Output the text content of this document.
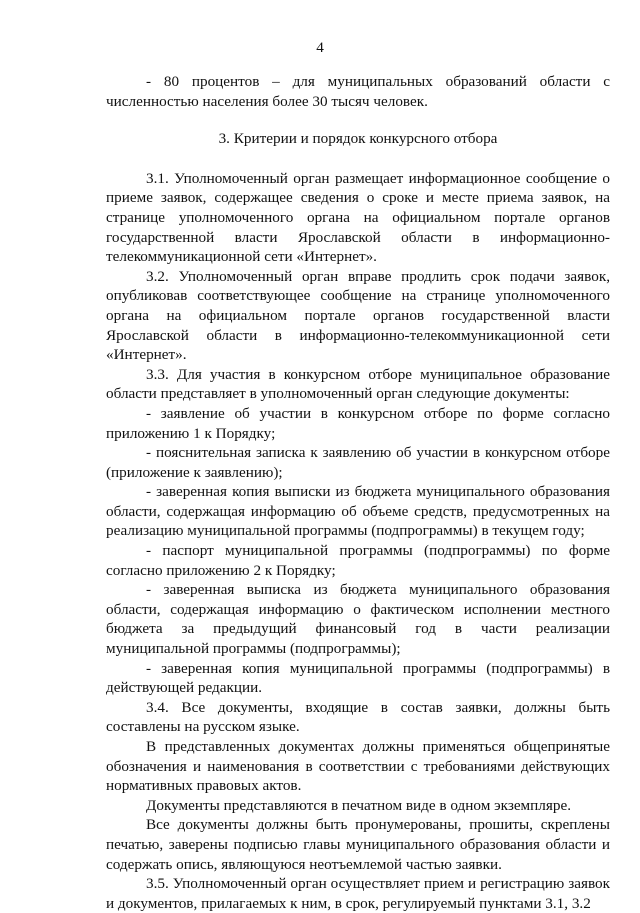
4

- 80 процентов – для муниципальных образований области с численностью населения более 30 тысяч человек.

3. Критерии и порядок конкурсного отбора

3.1. Уполномоченный орган размещает информационное сообщение о приеме заявок, содержащее сведения о сроке и месте приема заявок, на странице уполномоченного органа на официальном портале органов государственной власти Ярославской области в информационно-телекоммуникационной сети «Интернет».

3.2. Уполномоченный орган вправе продлить срок подачи заявок, опубликовав соответствующее сообщение на странице уполномоченного органа на официальном портале органов государственной власти Ярославской области в информационно-телекоммуникационной сети «Интернет».

3.3. Для участия в конкурсном отборе муниципальное образование области представляет в уполномоченный орган следующие документы:

- заявление об участии в конкурсном отборе по форме согласно приложению 1 к Порядку;

- пояснительная записка к заявлению об участии в конкурсном отборе (приложение к заявлению);

- заверенная копия выписки из бюджета муниципального образования области, содержащая информацию об объеме средств, предусмотренных на реализацию муниципальной программы (подпрограммы) в текущем году;

- паспорт муниципальной программы (подпрограммы) по форме согласно приложению 2 к Порядку;

- заверенная выписка из бюджета муниципального образования области, содержащая информацию о фактическом исполнении местного бюджета за предыдущий финансовый год в части реализации муниципальной программы (подпрограммы);

- заверенная копия муниципальной программы (подпрограммы) в действующей редакции.

3.4. Все документы, входящие в состав заявки, должны быть составлены на русском языке.

В представленных документах должны применяться общепринятые обозначения и наименования в соответствии с требованиями действующих нормативных правовых актов.

Документы представляются в печатном виде в одном экземпляре.

Все документы должны быть пронумерованы, прошиты, скреплены печатью, заверены подписью главы муниципального образования области и содержать опись, являющуюся неотъемлемой частью заявки.

3.5. Уполномоченный орган осуществляет прием и регистрацию заявок и документов, прилагаемых к ним, в срок, регулируемый пунктами 3.1, 3.2
